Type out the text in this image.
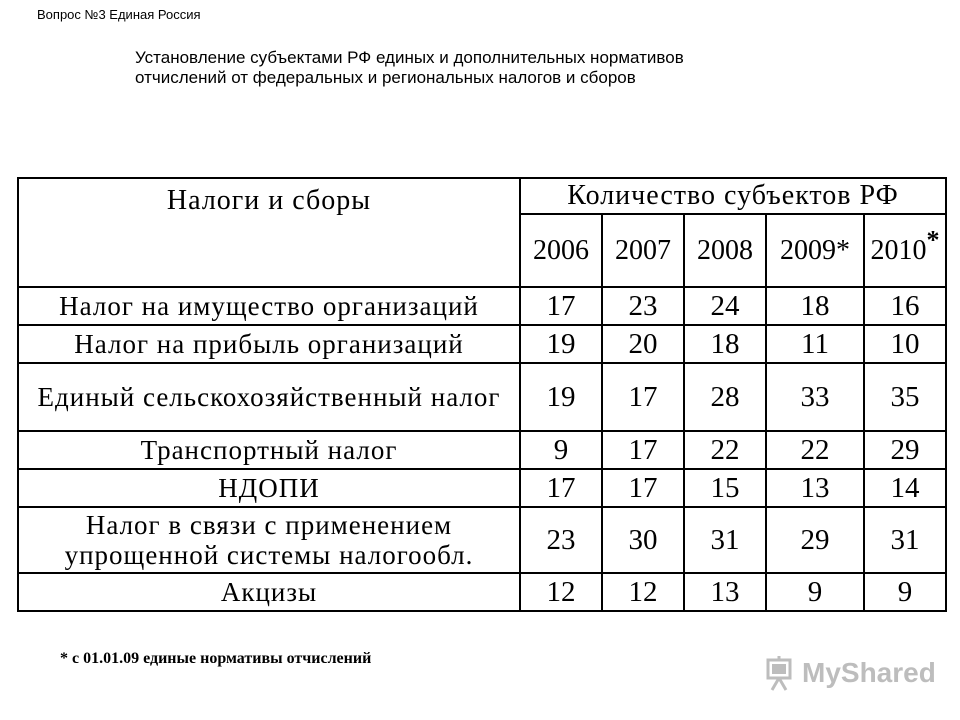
Вопрос №3 Единая Россия
Установление субъектами РФ единых и дополнительных нормативов
отчислений от федеральных и региональных налогов и сборов
Налоги и сборы	Количество субъектов РФ				
	2006	2007	2008	2009*	2010*
Налог на имущество организаций	17	23	24	18	16
Налог на прибыль организаций	19	20	18	11	10
Единый сельскохозяйственный налог	19	17	28	33	35
Транспортный налог	9	17	22	22	29
НДОПИ	17	17	15	13	14
Налог в связи с применением упрощенной системы налогообл.	23	30	31	29	31
Акцизы	12	12	13	9	9
* с 01.01.09 единые нормативы отчислений	MyShared
